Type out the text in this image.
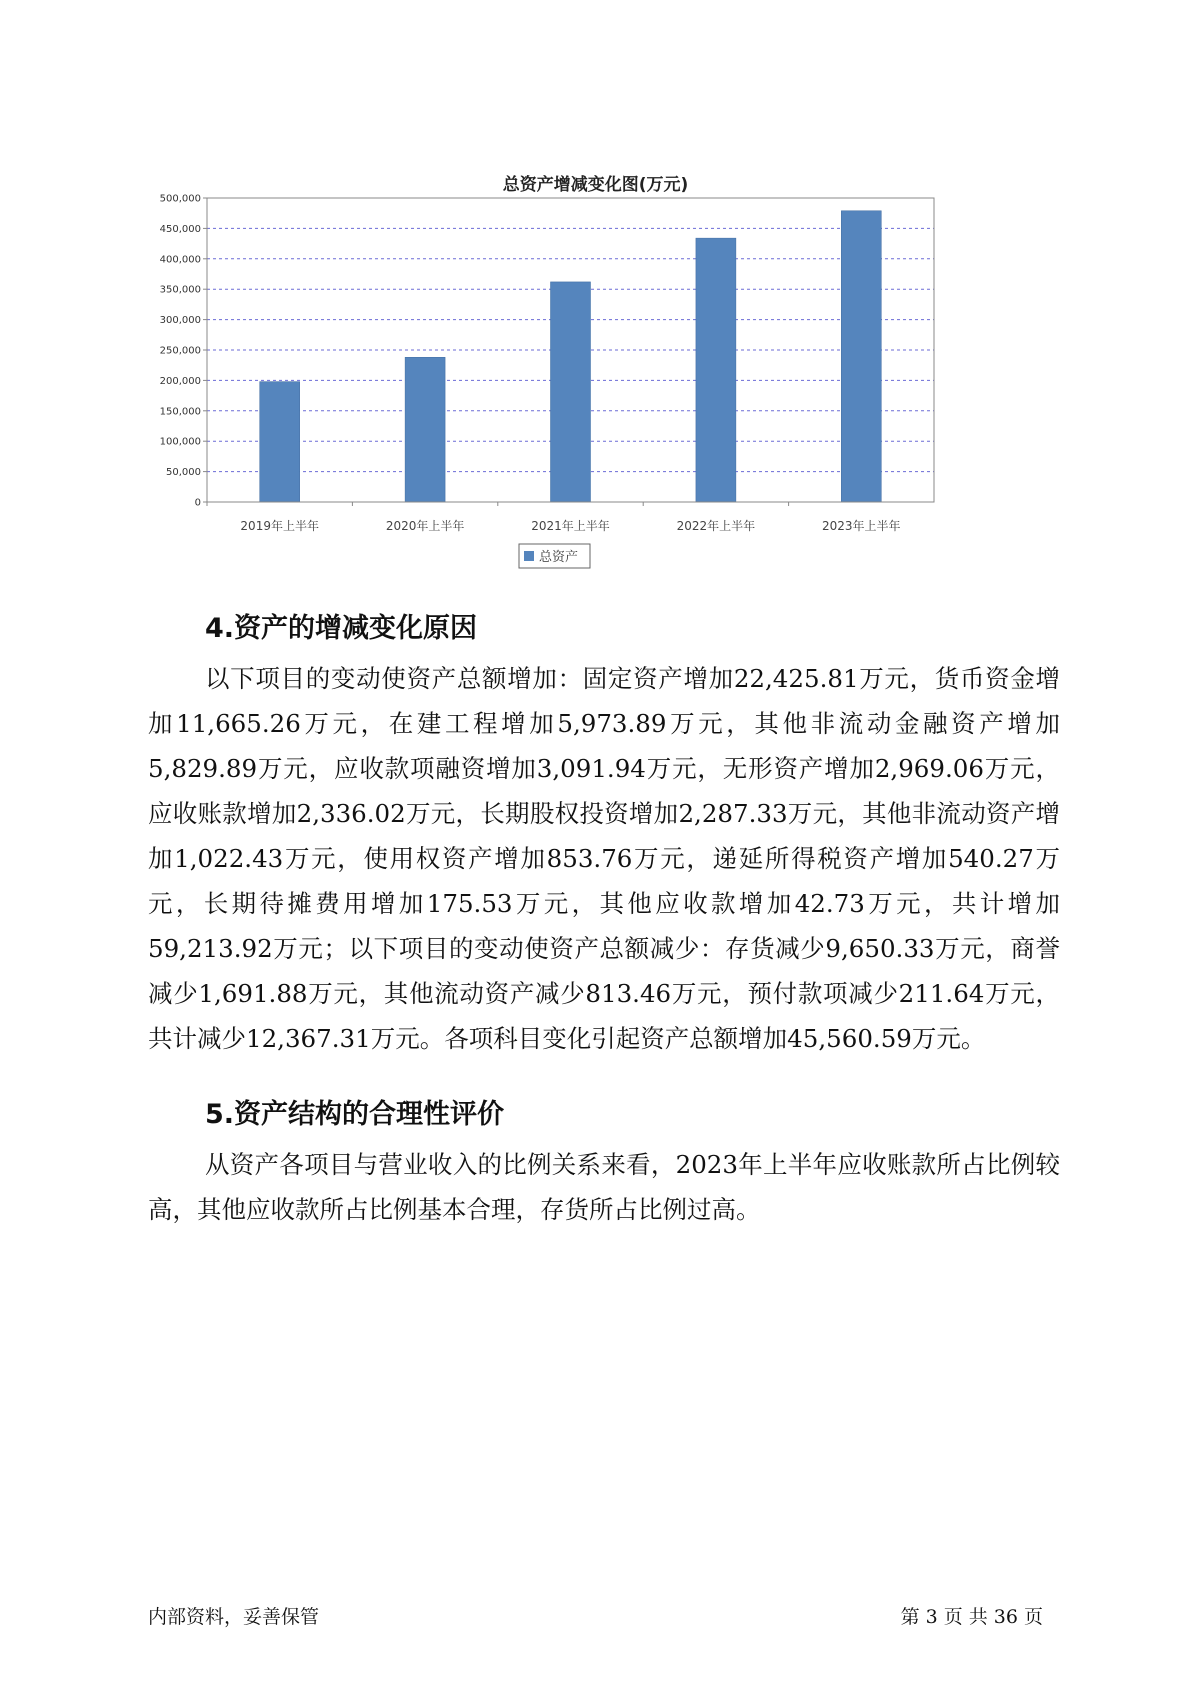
总资产增减变化图(万元)
0
50,000
100,000
150,000
200,000
250,000
300,000
350,000
400,000
450,000
500,000
2019年上半年	2020年上半年	2021年上半年	2022年上半年	2023年上半年
总资产
4.资产的增减变化原因

以下项目的变动使资产总额增加：固定资产增加22,425.81万元，货币资金增加11,665.26万元，在建工程增加5,973.89万元，其他非流动金融资产增加5,829.89万元，应收款项融资增加3,091.94万元，无形资产增加2,969.06万元，应收账款增加2,336.02万元，长期股权投资增加2,287.33万元，其他非流动资产增加1,022.43万元，使用权资产增加853.76万元，递延所得税资产增加540.27万元，长期待摊费用增加175.53万元，其他应收款增加42.73万元，共计增加59,213.92万元；以下项目的变动使资产总额减少：存货减少9,650.33万元，商誉减少1,691.88万元，其他流动资产减少813.46万元，预付款项减少211.64万元，共计减少12,367.31万元。各项科目变化引起资产总额增加45,560.59万元。

5.资产结构的合理性评价

从资产各项目与营业收入的比例关系来看，2023年上半年应收账款所占比例较高，其他应收款所占比例基本合理，存货所占比例过高。

内部资料，妥善保管	第 3 页 共 36 页
